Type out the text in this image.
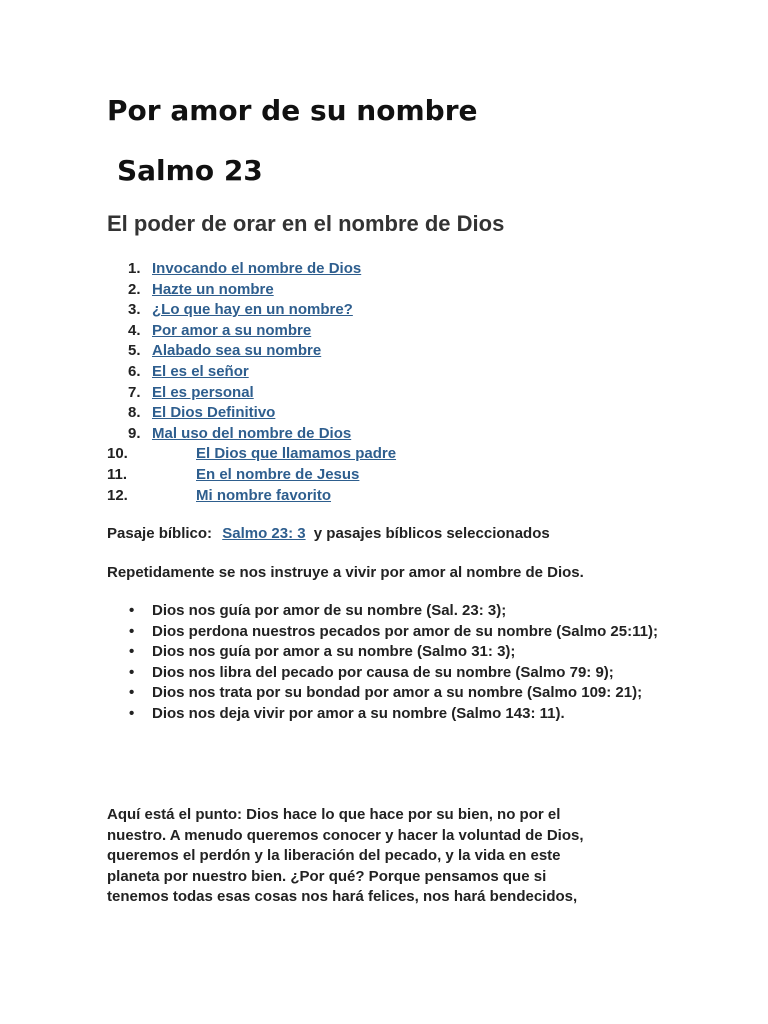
Por amor de su nombre
Salmo 23
El poder de orar en el nombre de Dios
1. Invocando el nombre de Dios
2. Hazte un nombre
3. ¿Lo que hay en un nombre?
4. Por amor a su nombre
5. Alabado sea su nombre
6. El es el señor
7. El es personal
8. El Dios Definitivo
9. Mal uso del nombre de Dios
10.	El Dios que llamamos padre
11.	En el nombre de Jesus
12.	Mi nombre favorito

Pasaje bíblico: Salmo 23: 3 y pasajes bíblicos seleccionados

Repetidamente se nos instruye a vivir por amor al nombre de Dios.

• Dios nos guía por amor de su nombre (Sal. 23: 3);
• Dios perdona nuestros pecados por amor de su nombre (Salmo 25:11);
• Dios nos guía por amor a su nombre (Salmo 31: 3);
• Dios nos libra del pecado por causa de su nombre (Salmo 79: 9);
• Dios nos trata por su bondad por amor a su nombre (Salmo 109: 21);
• Dios nos deja vivir por amor a su nombre (Salmo 143: 11).

Aquí está el punto: Dios hace lo que hace por su bien, no por el
nuestro. A menudo queremos conocer y hacer la voluntad de Dios,
queremos el perdón y la liberación del pecado, y la vida en este
planeta por nuestro bien. ¿Por qué? Porque pensamos que si
tenemos todas esas cosas nos hará felices, nos hará bendecidos,
